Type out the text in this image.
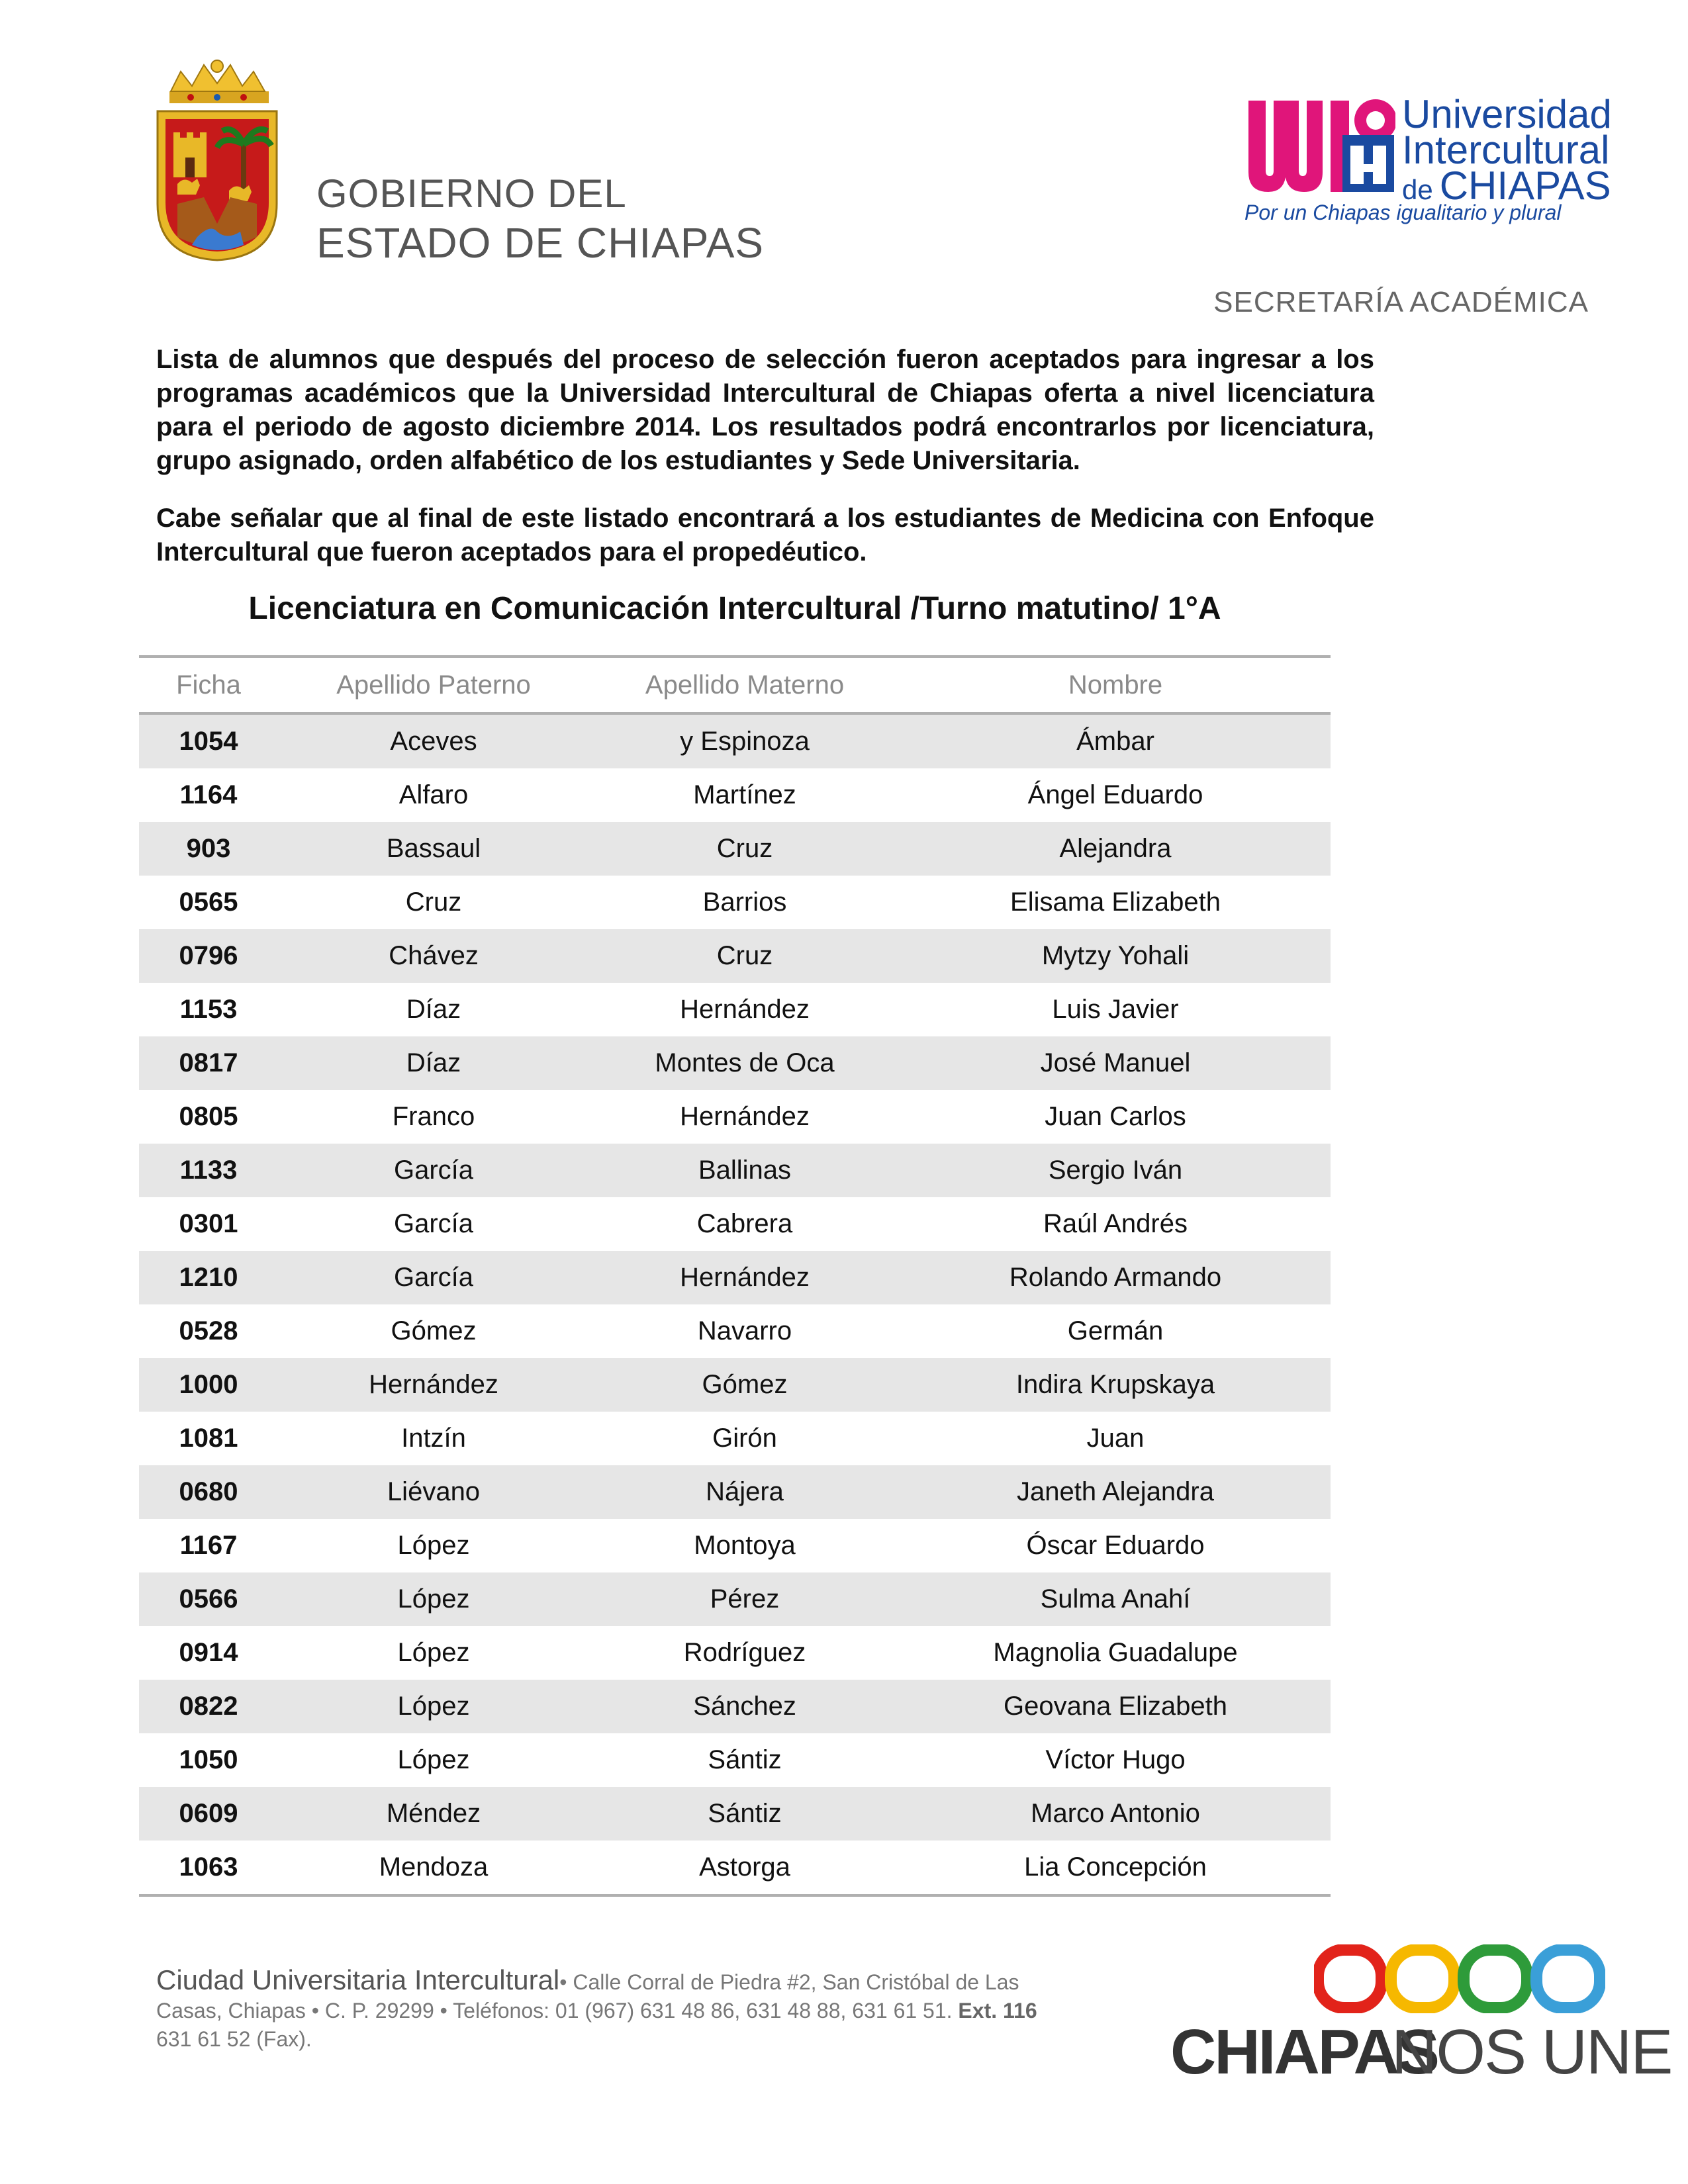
GOBIERNO DEL
ESTADO DE CHIAPAS
Universidad
Intercultural
de CHIAPAS
Por un Chiapas igualitario y plural
SECRETARÍA ACADÉMICA
Lista de alumnos que después del proceso de selección fueron aceptados para ingresar a los programas académicos que la Universidad Intercultural de Chiapas oferta a nivel licenciatura para el periodo de agosto diciembre 2014. Los resultados podrá encontrarlos por licenciatura, grupo asignado, orden alfabético de los estudiantes y Sede Universitaria.
Cabe señalar que al final de este listado encontrará a los estudiantes de Medicina con Enfoque Intercultural que fueron aceptados para el propedéutico.
Licenciatura en Comunicación Intercultural /Turno matutino/ 1°A
Ficha	Apellido Paterno	Apellido Materno	Nombre
1054	Aceves	y Espinoza	Ámbar
1164	Alfaro	Martínez	Ángel Eduardo
903	Bassaul	Cruz	Alejandra
0565	Cruz	Barrios	Elisama Elizabeth
0796	Chávez	Cruz	Mytzy Yohali
1153	Díaz	Hernández	Luis Javier
0817	Díaz	Montes de Oca	José Manuel
0805	Franco	Hernández	Juan Carlos
1133	García	Ballinas	Sergio Iván
0301	García	Cabrera	Raúl Andrés
1210	García	Hernández	Rolando Armando
0528	Gómez	Navarro	Germán
1000	Hernández	Gómez	Indira Krupskaya
1081	Intzín	Girón	Juan
0680	Liévano	Nájera	Janeth Alejandra
1167	López	Montoya	Óscar Eduardo
0566	López	Pérez	Sulma Anahí
0914	López	Rodríguez	Magnolia Guadalupe
0822	López	Sánchez	Geovana Elizabeth
1050	López	Sántiz	Víctor Hugo
0609	Méndez	Sántiz	Marco Antonio
1063	Mendoza	Astorga	Lia Concepción
Ciudad Universitaria Intercultural• Calle Corral de Piedra #2, San Cristóbal de Las
Casas, Chiapas • C. P. 29299 • Teléfonos: 01 (967) 631 48 86, 631 48 88, 631 61 51. Ext. 116
631 61 52 (Fax).	CHIAPAS
NOS UNE
